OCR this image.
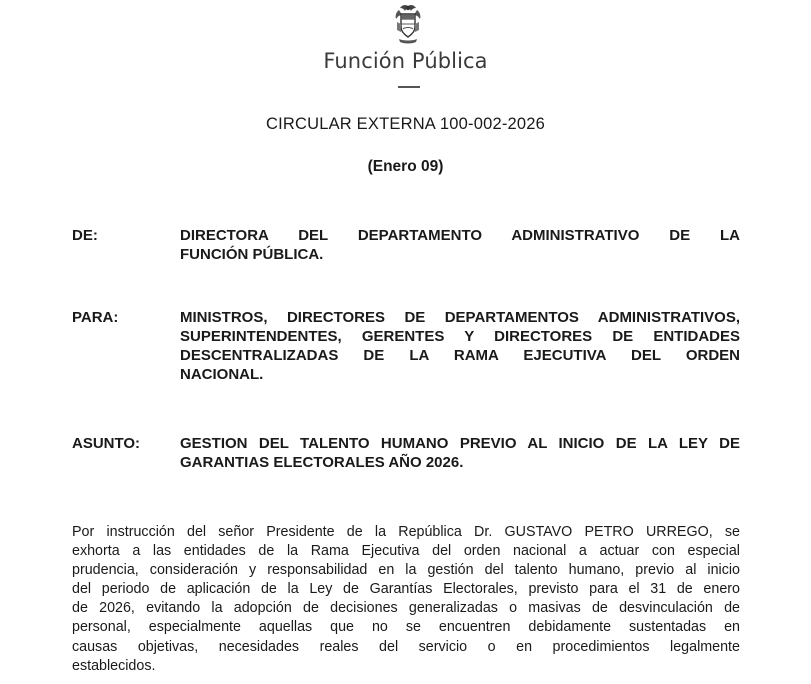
Función Pública
CIRCULAR EXTERNA 100-002-2026
(Enero 09)
DE:	DIRECTORA DEL DEPARTAMENTO ADMINISTRATIVO DE LA
FUNCIÓN PÚBLICA.
PARA:	MINISTROS, DIRECTORES DE DEPARTAMENTOS ADMINISTRATIVOS,
SUPERINTENDENTES, GERENTES Y DIRECTORES DE ENTIDADES
DESCENTRALIZADAS DE LA RAMA EJECUTIVA DEL ORDEN
NACIONAL.
ASUNTO:	GESTION DEL TALENTO HUMANO PREVIO AL INICIO DE LA LEY DE
GARANTIAS ELECTORALES AÑO 2026.
Por instrucción del señor Presidente de la República Dr. GUSTAVO PETRO URREGO, se
exhorta a las entidades de la Rama Ejecutiva del orden nacional a actuar con especial
prudencia, consideración y responsabilidad en la gestión del talento humano, previo al inicio
del periodo de aplicación de la Ley de Garantías Electorales, previsto para el 31 de enero
de 2026, evitando la adopción de decisiones generalizadas o masivas de desvinculación de
personal, especialmente aquellas que no se encuentren debidamente sustentadas en
causas objetivas, necesidades reales del servicio o en procedimientos legalmente
establecidos.
